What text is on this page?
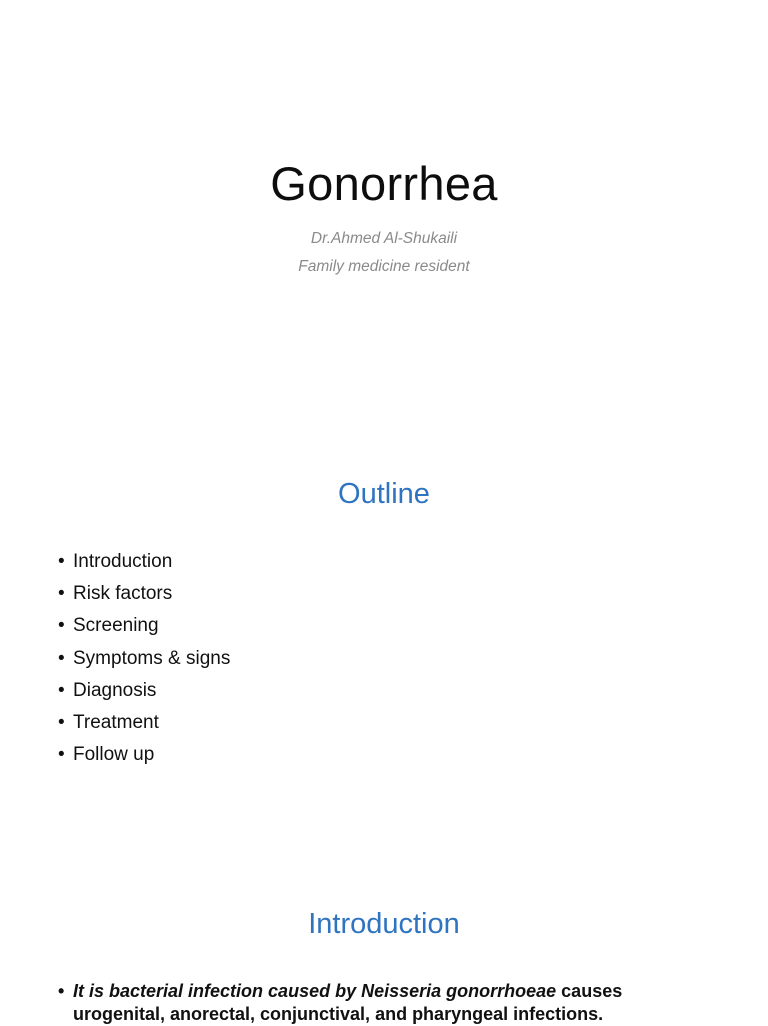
Gonorrhea
Dr.Ahmed Al-Shukaili
Family medicine resident
Outline
• Introduction
• Risk factors
• Screening
• Symptoms & signs
• Diagnosis
• Treatment
• Follow up
Introduction
• It is bacterial infection caused by Neisseria gonorrhoeae causes
urogenital, anorectal, conjunctival, and pharyngeal infections.
